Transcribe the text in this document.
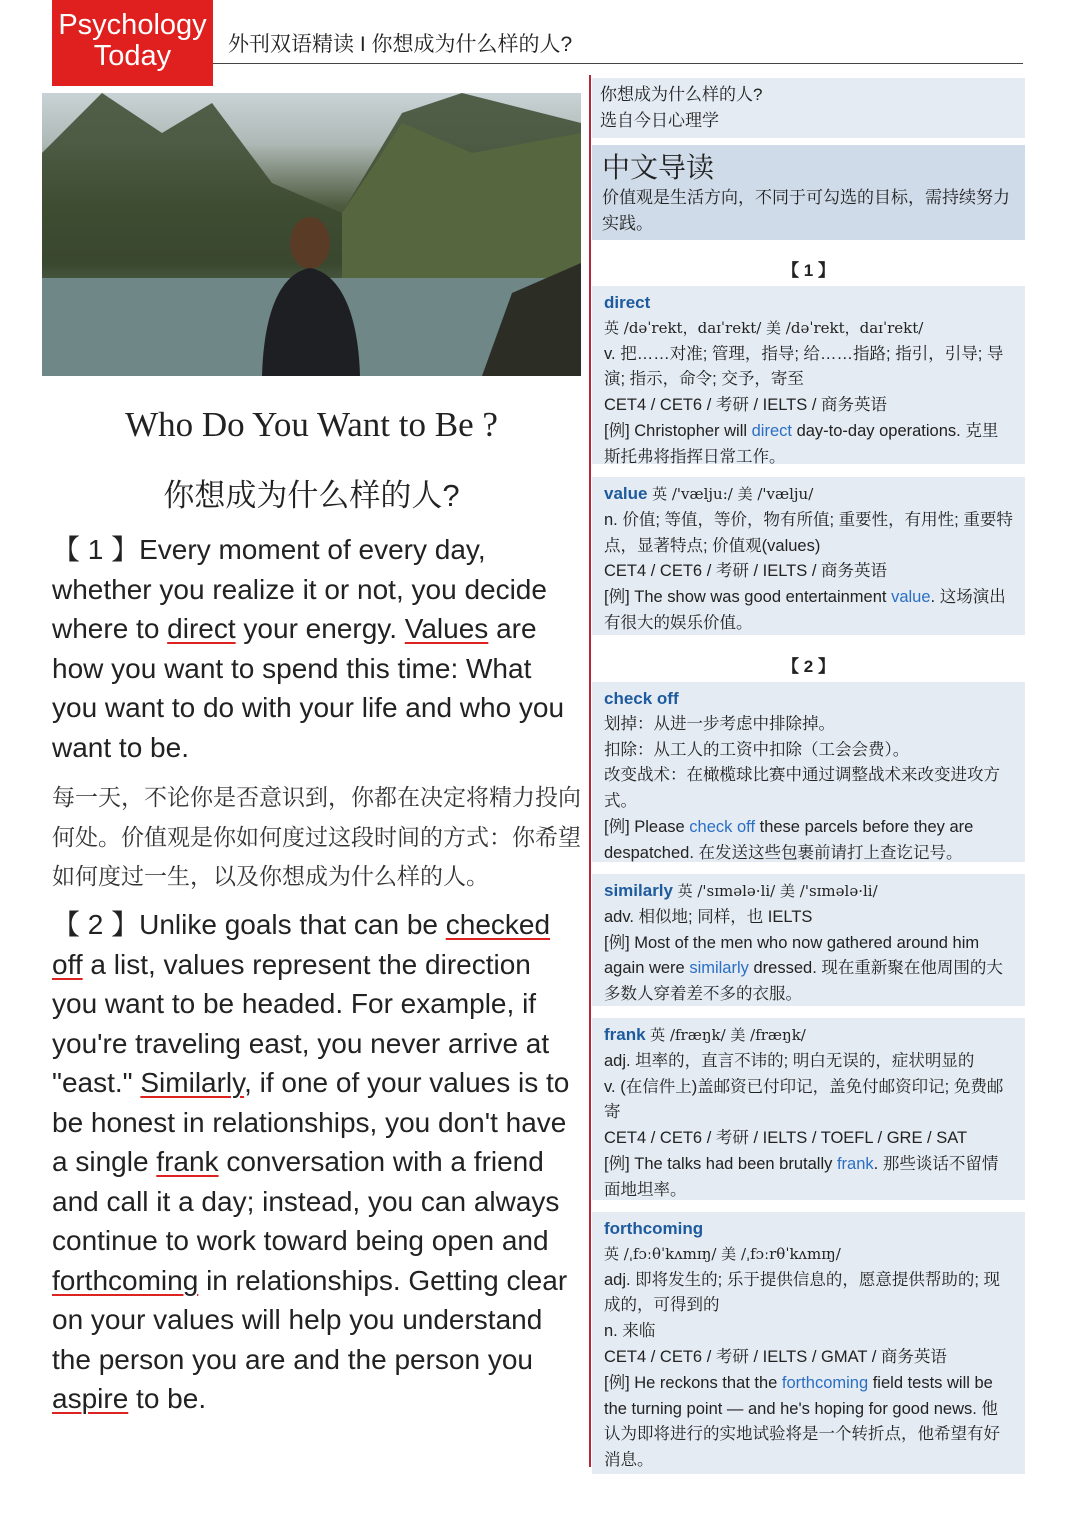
Psychology
Today	外刊双语精读 I 你想成为什么样的人?
Who Do You Want to Be ?
你想成为什么样的人?
【 1 】Every moment of every day, whether you realize it or not, you decide where to direct your energy. Values are how you want to spend this time: What you want to do with your life and who you want to be.
每一天，不论你是否意识到，你都在决定将精力投向何处。价值观是你如何度过这段时间的方式：你希望如何度过一生，以及你想成为什么样的人。
【 2 】Unlike goals that can be checked off a list, values represent the direction you want to be headed. For example, if you're traveling east, you never arrive at "east." Similarly, if one of your values is to be honest in relationships, you don't have a single frank conversation with a friend and call it a day; instead, you can always continue to work toward being open and forthcoming in relationships. Getting clear on your values will help you understand the person you are and the person you aspire to be.
你想成为什么样的人?
选自今日心理学
中文导读

价值观是生活方向，不同于可勾选的目标，需持续努力实践。

【 1 】
direct
英 /dəˈrekt，daɪˈrekt/ 美 /dəˈrekt，daɪˈrekt/
v. 把……对准; 管理，指导; 给……指路; 指引，引导; 导演; 指示，命令; 交予，寄至
CET4 / CET6 / 考研 / IELTS / 商务英语
[例] Christopher will direct day-to-day operations. 克里斯托弗将指挥日常工作。
value 英 /'vælju:/ 美 /'vælju/
n. 价值; 等值，等价，物有所值; 重要性，有用性; 重要特点，显著特点; 价值观(values)
CET4 / CET6 / 考研 / IELTS / 商务英语
[例] The show was good entertainment value. 这场演出有很大的娱乐价值。
【 2 】
check off
划掉：从进一步考虑中排除掉。
扣除：从工人的工资中扣除（工会会费）。
改变战术：在橄榄球比赛中通过调整战术来改变进攻方式。
[例] Please check off these parcels before they are despatched. 在发送这些包裹前请打上查讫记号。
similarly 英 /'sɪmələ·li/ 美 /'sɪmələ·li/
adv. 相似地; 同样，也 IELTS
[例] Most of the men who now gathered around him again were similarly dressed. 现在重新聚在他周围的大多数人穿着差不多的衣服。
frank 英 /fræŋk/ 美 /fræŋk/
adj. 坦率的，直言不讳的; 明白无误的，症状明显的
v. (在信件上)盖邮资已付印记，盖免付邮资印记; 免费邮寄
CET4 / CET6 / 考研 / IELTS / TOEFL / GRE / SAT
[例] The talks had been brutally frank. 那些谈话不留情面地坦率。
forthcoming
英 /ˌfɔːθˈkʌmɪŋ/ 美 /ˌfɔːrθˈkʌmɪŋ/
adj. 即将发生的; 乐于提供信息的，愿意提供帮助的; 现成的，可得到的
n. 来临
CET4 / CET6 / 考研 / IELTS / GMAT / 商务英语
[例] He reckons that the forthcoming field tests will be the turning point — and he's hoping for good news. 他认为即将进行的实地试验将是一个转折点，他希望有好消息。
